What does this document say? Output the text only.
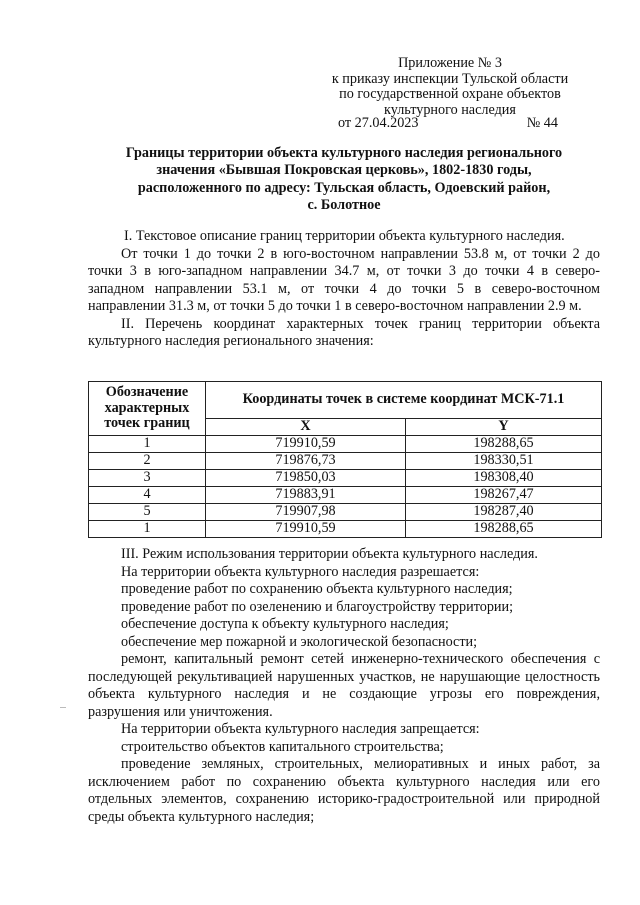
Приложение № 3
к приказу инспекции Тульской области
по государственной охране объектов
культурного наследия
от 27.04.2023	№ 44
Границы территории объекта культурного наследия регионального
значения «Бывшая Покровская церковь», 1802-1830 годы,
расположенного по адресу: Тульская область, Одоевский район,
с. Болотное

I. Текстовое описание границ территории объекта культурного наследия.

От точки 1 до точки 2 в юго-восточном направлении 53.8 м, от точки 2 до точки 3 в юго-западном направлении 34.7 м, от точки 3 до точки 4 в северо-западном направлении 53.1 м, от точки 4 до точки 5 в северо-восточном направлении 31.3 м, от точки 5 до точки 1 в северо-восточном направлении 2.9 м.

II. Перечень координат характерных точек границ территории объекта культурного наследия регионального значения:

Обозначение характерных точек границ	Координаты точек в системе координат МСК-71.1	
	X	Y
1	719910,59	198288,65
2	719876,73	198330,51
3	719850,03	198308,40
4	719883,91	198267,47
5	719907,98	198287,40
1	719910,59	198288,65

III. Режим использования территории объекта культурного наследия.

На территории объекта культурного наследия разрешается:

проведение работ по сохранению объекта культурного наследия;

проведение работ по озеленению и благоустройству территории;

обеспечение доступа к объекту культурного наследия;

обеспечение мер пожарной и экологической безопасности;

ремонт, капитальный ремонт сетей инженерно-технического обеспечения с последующей рекультивацией нарушенных участков, не нарушающие целостность объекта культурного наследия и не создающие угрозы его повреждения, разрушения или уничтожения.

На территории объекта культурного наследия запрещается:

строительство объектов капитального строительства;

проведение земляных, строительных, мелиоративных и иных работ, за исключением работ по сохранению объекта культурного наследия или его отдельных элементов, сохранению историко-градостроительной или природной среды объекта культурного наследия;
